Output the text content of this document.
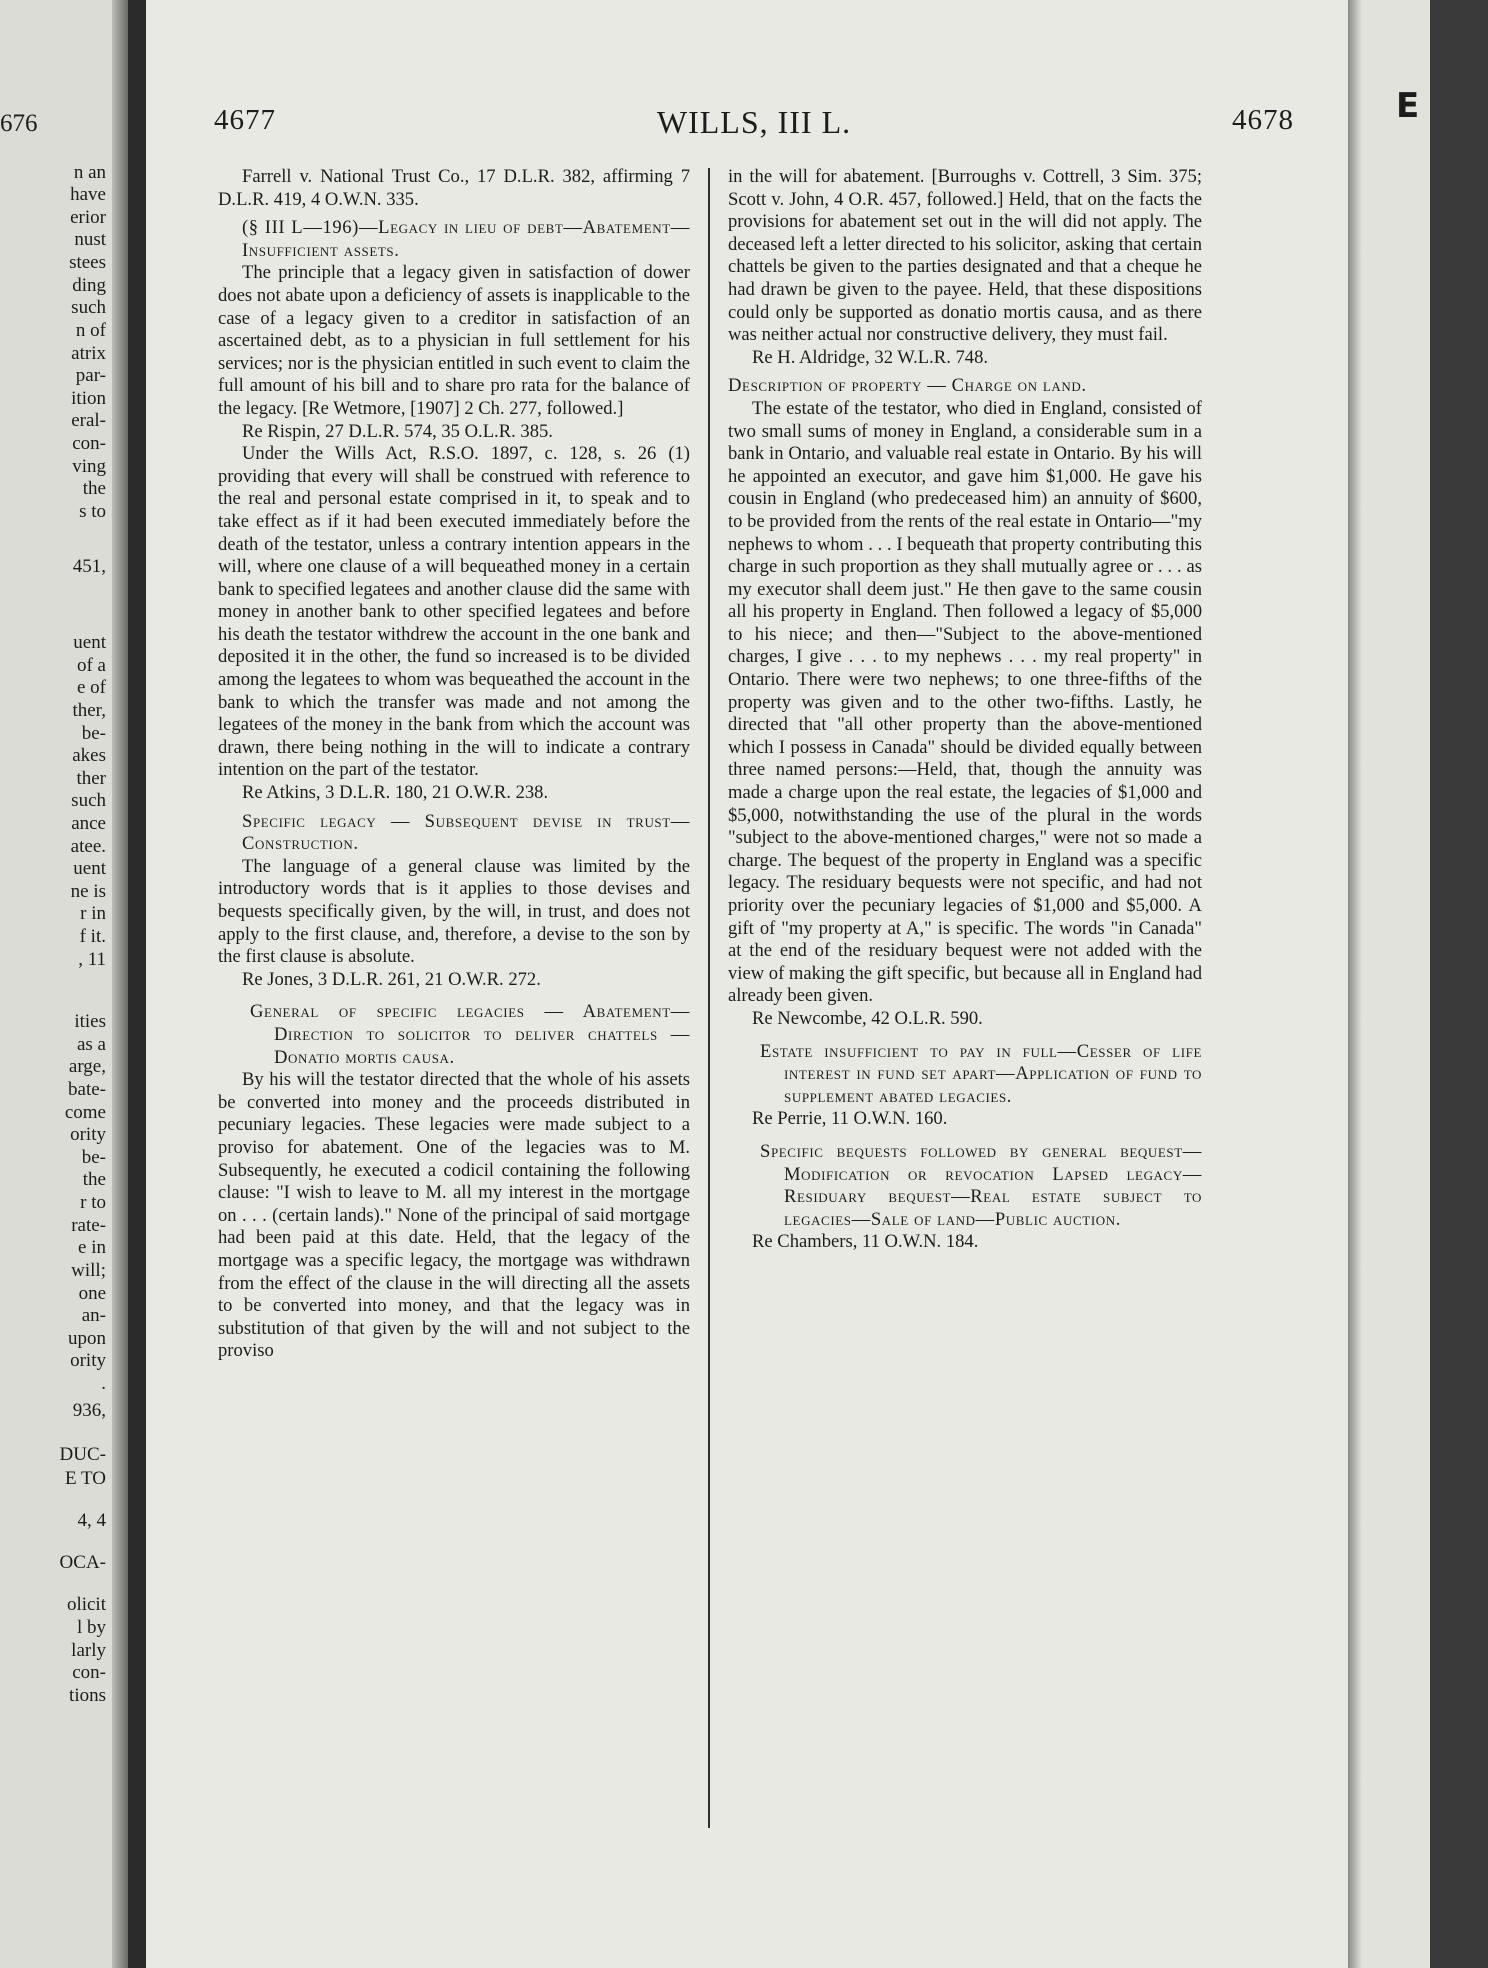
676
n an
have
erior
nust
stees
ding
such
n of
atrix
par-
ition
eral-
con-
ving
the
s to
451,
uent
of a
e of
ther,
be-
akes
ther
such
ance
atee.
uent
ne is
r in
f it.
, 11
ities
as a
arge,
bate-
come
ority
be-
the
r to
rate-
e in
will;
one
an-
upon
ority
.
936,
DUC-
E TO
4, 4
OCA-
olicit
l by
larly
con-
tions
4677	WILLS, III L.	4678

Farrell v. National Trust Co., 17 D.L.R. 382, affirming 7 D.L.R. 419, 4 O.W.N. 335.

(§ III L—196)—Legacy in lieu of debt—Abatement—Insufficient assets.

The principle that a legacy given in satisfaction of dower does not abate upon a deficiency of assets is inapplicable to the case of a legacy given to a creditor in satisfaction of an ascertained debt, as to a physician in full settlement for his services; nor is the physician entitled in such event to claim the full amount of his bill and to share pro rata for the balance of the legacy. [Re Wetmore, [1907] 2 Ch. 277, followed.]

Re Rispin, 27 D.L.R. 574, 35 O.L.R. 385.

Under the Wills Act, R.S.O. 1897, c. 128, s. 26 (1) providing that every will shall be construed with reference to the real and personal estate comprised in it, to speak and to take effect as if it had been executed immediately before the death of the testator, unless a contrary intention appears in the will, where one clause of a will bequeathed money in a certain bank to specified legatees and another clause did the same with money in another bank to other specified legatees and before his death the testator withdrew the account in the one bank and deposited it in the other, the fund so increased is to be divided among the legatees to whom was bequeathed the account in the bank to which the transfer was made and not among the legatees of the money in the bank from which the account was drawn, there being nothing in the will to indicate a contrary intention on the part of the testator.

Re Atkins, 3 D.L.R. 180, 21 O.W.R. 238.

Specific legacy — Subsequent devise in trust—Construction.

The language of a general clause was limited by the introductory words that is it applies to those devises and bequests specifically given, by the will, in trust, and does not apply to the first clause, and, therefore, a devise to the son by the first clause is absolute.

Re Jones, 3 D.L.R. 261, 21 O.W.R. 272.

General of specific legacies — Abatement—Direction to solicitor to deliver chattels — Donatio mortis causa.

By his will the testator directed that the whole of his assets be converted into money and the proceeds distributed in pecuniary legacies. These legacies were made subject to a proviso for abatement. One of the legacies was to M. Subsequently, he executed a codicil containing the following clause: "I wish to leave to M. all my interest in the mortgage on . . . (certain lands)." None of the principal of said mortgage had been paid at this date. Held, that the legacy of the mortgage was a specific legacy, the mortgage was withdrawn from the effect of the clause in the will directing all the assets to be converted into money, and that the legacy was in substitution of that given by the will and not subject to the proviso

in the will for abatement. [Burroughs v. Cottrell, 3 Sim. 375; Scott v. John, 4 O.R. 457, followed.] Held, that on the facts the provisions for abatement set out in the will did not apply. The deceased left a letter directed to his solicitor, asking that certain chattels be given to the parties designated and that a cheque he had drawn be given to the payee. Held, that these dispositions could only be supported as donatio mortis causa, and as there was neither actual nor constructive delivery, they must fail.

Re H. Aldridge, 32 W.L.R. 748.

Description of property — Charge on land.

The estate of the testator, who died in England, consisted of two small sums of money in England, a considerable sum in a bank in Ontario, and valuable real estate in Ontario. By his will he appointed an executor, and gave him $1,000. He gave his cousin in England (who predeceased him) an annuity of $600, to be provided from the rents of the real estate in Ontario—"my nephews to whom . . . I bequeath that property contributing this charge in such proportion as they shall mutually agree or . . . as my executor shall deem just." He then gave to the same cousin all his property in England. Then followed a legacy of $5,000 to his niece; and then—"Subject to the above-mentioned charges, I give . . . to my nephews . . . my real property" in Ontario. There were two nephews; to one three-fifths of the property was given and to the other two-fifths. Lastly, he directed that "all other property than the above-mentioned which I possess in Canada" should be divided equally between three named persons:—Held, that, though the annuity was made a charge upon the real estate, the legacies of $1,000 and $5,000, notwithstanding the use of the plural in the words "subject to the above-mentioned charges," were not so made a charge. The bequest of the property in England was a specific legacy. The residuary bequests were not specific, and had not priority over the pecuniary legacies of $1,000 and $5,000. A gift of "my property at A," is specific. The words "in Canada" at the end of the residuary bequest were not added with the view of making the gift specific, but because all in England had already been given.

Re Newcombe, 42 O.L.R. 590.

Estate insufficient to pay in full—Cesser of life interest in fund set apart—Application of fund to supplement abated legacies.

Re Perrie, 11 O.W.N. 160.

Specific bequests followed by general bequest—Modification or revocation Lapsed legacy—Residuary bequest—Real estate subject to legacies—Sale of land—Public auction.

Re Chambers, 11 O.W.N. 184.

E
